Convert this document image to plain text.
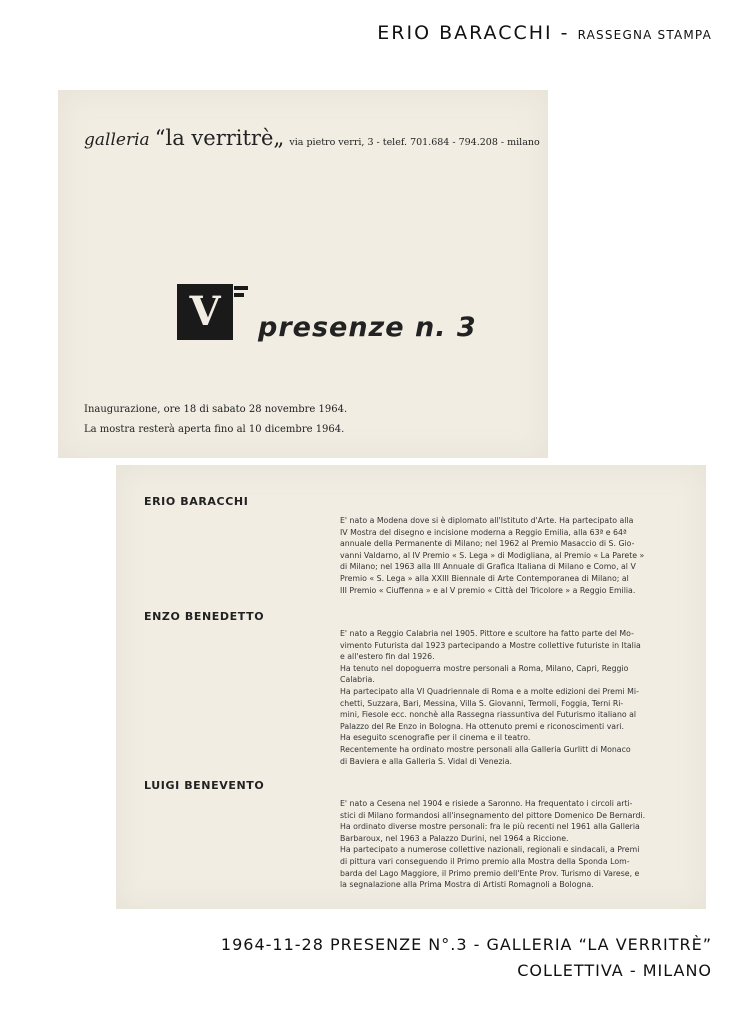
ERIO BARACCHI - RASSEGNA STAMPA
galleria “la verritrè„ via pietro verri, 3 - telef. 701.684 - 794.208 - milano
V	presenze n. 3
Inaugurazione, ore 18 di sabato 28 novembre 1964.
La mostra resterà aperta fino al 10 dicembre 1964.
ERIO BARACCHI

E' nato a Modena dove si è diplomato all'Istituto d'Arte. Ha partecipato alla
IV Mostra del disegno e incisione moderna a Reggio Emilia, alla 63ª e 64ª
annuale della Permanente di Milano; nel 1962 al Premio Masaccio di S. Gio-
vanni Valdarno, al IV Premio « S. Lega » di Modigliana, al Premio « La Parete »
di Milano; nel 1963 alla III Annuale di Grafica Italiana di Milano e Como, al V
Premio « S. Lega » alla XXIII Biennale di Arte Contemporanea di Milano; al
III Premio « Ciuffenna » e al V premio « Città del Tricolore » a Reggio Emilia.

ENZO BENEDETTO

E' nato a Reggio Calabria nel 1905. Pittore e scultore ha fatto parte del Mo-
vimento Futurista dal 1923 partecipando a Mostre collettive futuriste in Italia
e all'estero fin dal 1926.
Ha tenuto nel dopoguerra mostre personali a Roma, Milano, Capri, Reggio
Calabria.
Ha partecipato alla VI Quadriennale di Roma e a molte edizioni dei Premi Mi-
chetti, Suzzara, Bari, Messina, Villa S. Giovanni, Termoli, Foggia, Terni Ri-
mini, Fiesole ecc. nonchè alla Rassegna riassuntiva del Futurismo italiano al
Palazzo del Re Enzo in Bologna. Ha ottenuto premi e riconoscimenti vari.
Ha eseguito scenografie per il cinema e il teatro.
Recentemente ha ordinato mostre personali alla Galleria Gurlitt di Monaco
di Baviera e alla Galleria S. Vidal di Venezia.

LUIGI BENEVENTO

E' nato a Cesena nel 1904 e risiede a Saronno. Ha frequentato i circoli arti-
stici di Milano formandosi all'insegnamento del pittore Domenico De Bernardi.
Ha ordinato diverse mostre personali: fra le più recenti nel 1961 alla Galleria
Barbaroux, nel 1963 a Palazzo Durini, nel 1964 a Riccione.
Ha partecipato a numerose collettive nazionali, regionali e sindacali, a Premi
di pittura vari conseguendo il Primo premio alla Mostra della Sponda Lom-
barda del Lago Maggiore, il Primo premio dell'Ente Prov. Turismo di Varese, e
la segnalazione alla Prima Mostra di Artisti Romagnoli a Bologna.

1964-11-28 PRESENZE N°.3 - GALLERIA “LA VERRITRÈ”
COLLETTIVA - MILANO
